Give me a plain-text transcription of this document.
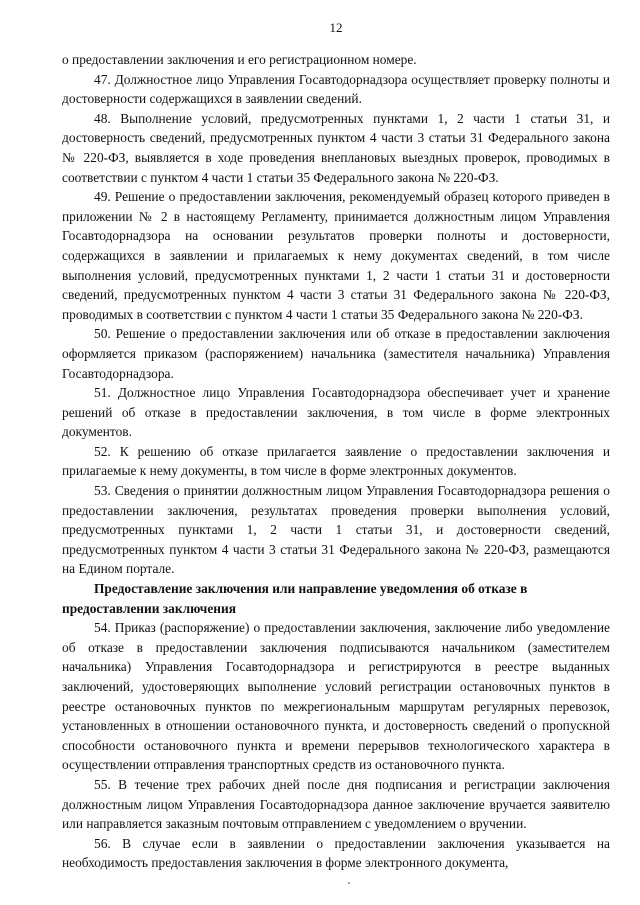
12

о предоставлении заключения и его регистрационном номере.

47. Должностное лицо Управления Госавтодорнадзора осуществляет проверку полноты и достоверности содержащихся в заявлении сведений.

48. Выполнение условий, предусмотренных пунктами 1, 2 части 1 статьи 31, и достоверность сведений, предусмотренных пунктом 4 части 3 статьи 31 Федерального закона № 220-ФЗ, выявляется в ходе проведения внеплановых выездных проверок, проводимых в соответствии с пунктом 4 части 1 статьи 35 Федерального закона № 220-ФЗ.

49. Решение о предоставлении заключения, рекомендуемый образец которого приведен в приложении № 2 в настоящему Регламенту, принимается должностным лицом Управления Госавтодорнадзора на основании результатов проверки полноты и достоверности, содержащихся в заявлении и прилагаемых к нему документах сведений, в том числе выполнения условий, предусмотренных пунктами 1, 2 части 1 статьи 31 и достоверности сведений, предусмотренных пунктом 4 части 3 статьи 31 Федерального закона № 220-ФЗ, проводимых в соответствии с пунктом 4 части 1 статьи 35 Федерального закона № 220-ФЗ.

50. Решение о предоставлении заключения или об отказе в предоставлении заключения оформляется приказом (распоряжением) начальника (заместителя начальника) Управления Госавтодорнадзора.

51. Должностное лицо Управления Госавтодорнадзора обеспечивает учет и хранение решений об отказе в предоставлении заключения, в том числе в форме электронных документов.

52. К решению об отказе прилагается заявление о предоставлении заключения и прилагаемые к нему документы, в том числе в форме электронных документов.

53. Сведения о принятии должностным лицом Управления Госавтодорнадзора решения о предоставлении заключения, результатах проведения проверки выполнения условий, предусмотренных пунктами 1, 2 части 1 статьи 31, и достоверности сведений, предусмотренных пунктом 4 части 3 статьи 31 Федерального закона № 220-ФЗ, размещаются на Едином портале.

Предоставление заключения или направление уведомления об отказе в предоставлении заключения

54. Приказ (распоряжение) о предоставлении заключения, заключение либо уведомление об отказе в предоставлении заключения подписываются начальником (заместителем начальника) Управления Госавтодорнадзора и регистрируются в реестре выданных заключений, удостоверяющих выполнение условий регистрации остановочных пунктов в реестре остановочных пунктов по межрегиональным маршрутам регулярных перевозок, установленных в отношении остановочного пункта, и достоверность сведений о пропускной способности остановочного пункта и времени перерывов технологического характера в осуществлении отправления транспортных средств из остановочного пункта.

55. В течение трех рабочих дней после дня подписания и регистрации заключения должностным лицом Управления Госавтодорнадзора данное заключение вручается заявителю или направляется заказным почтовым отправлением с уведомлением о вручении.

56. В случае если в заявлении о предоставлении заключения указывается на необходимость предоставления заключения в форме электронного документа,
